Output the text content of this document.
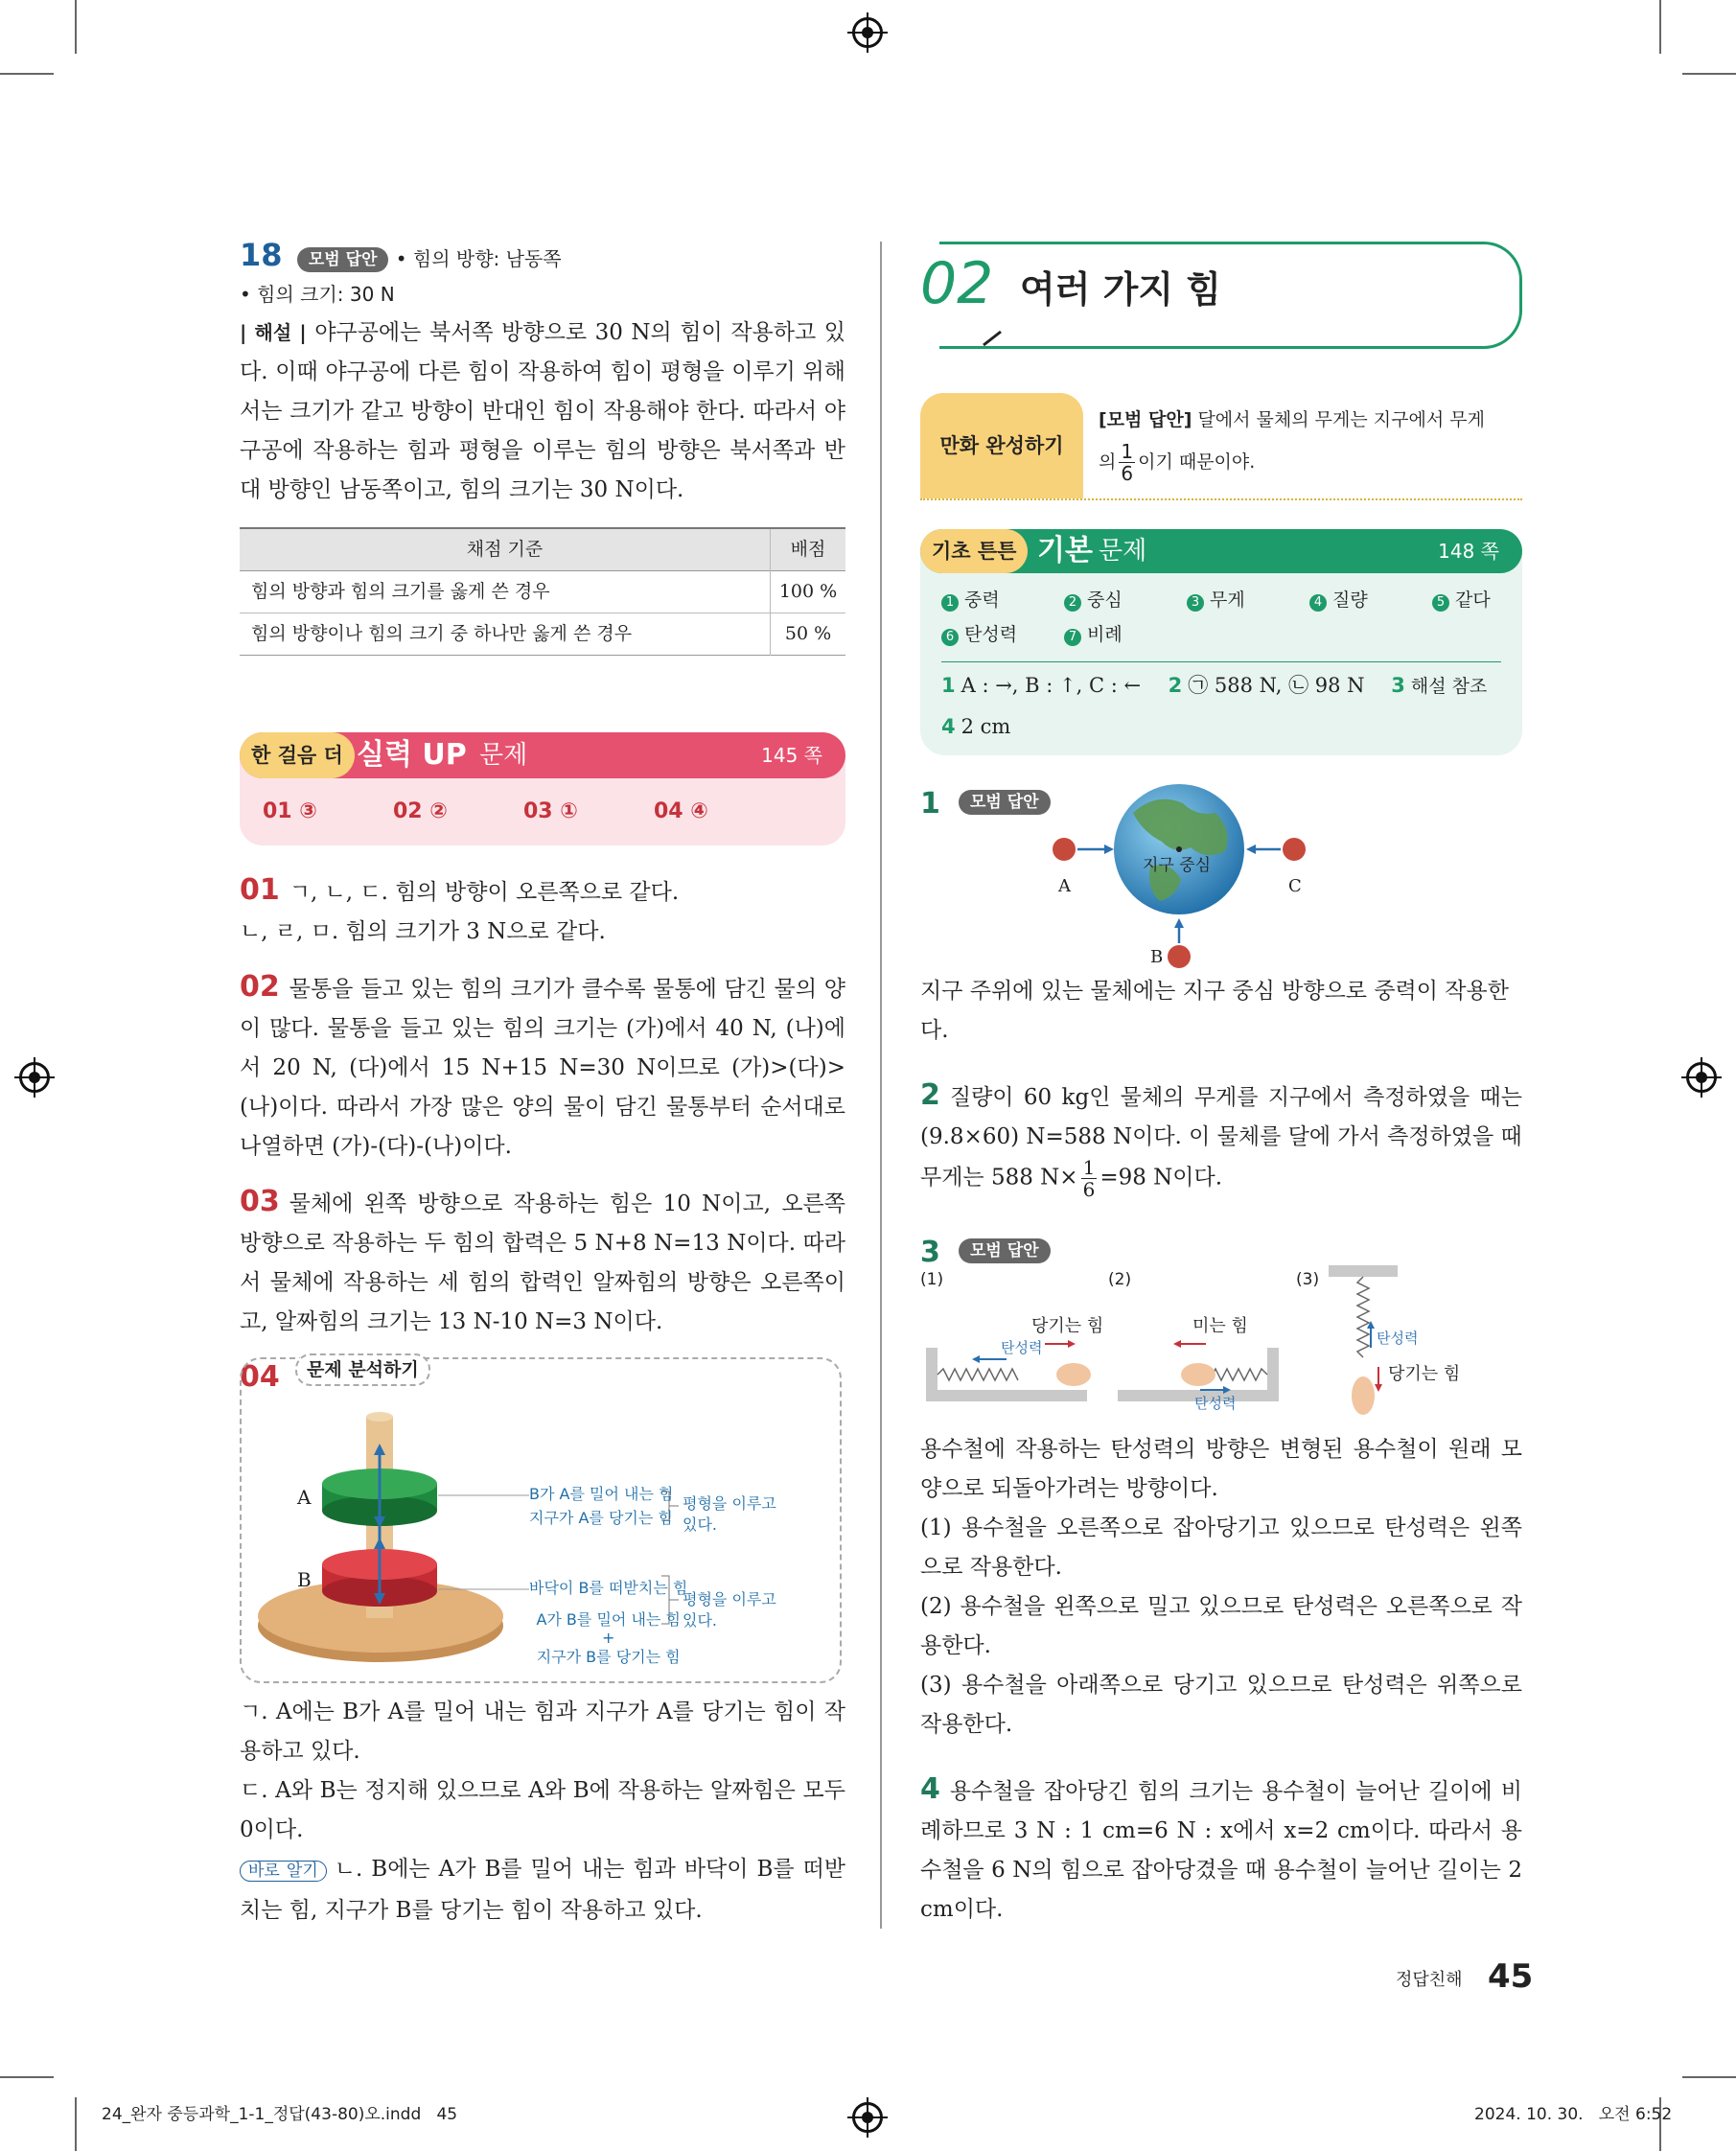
18 모범 답안 • 힘의 방향: 남동쪽
• 힘의 크기: 30 N

| 해설 | 야구공에는 북서쪽 방향으로 30 N의 힘이 작용하고 있다. 이때 야구공에 다른 힘이 작용하여 힘이 평형을 이루기 위해서는 크기가 같고 방향이 반대인 힘이 작용해야 한다. 따라서 야구공에 작용하는 힘과 평형을 이루는 힘의 방향은 북서쪽과 반대 방향인 남동쪽이고, 힘의 크기는 30 N이다.

채점 기준	배점
힘의 방향과 힘의 크기를 옳게 쓴 경우	100 %
힘의 방향이나 힘의 크기 중 하나만 옳게 쓴 경우	50 %
한 걸음 더 실력 UP 문제	145 쪽
01 ③	02 ②	03 ①	04 ④

01 ㄱ, ㄴ, ㄷ. 힘의 방향이 오른쪽으로 같다.

ㄴ, ㄹ, ㅁ. 힘의 크기가 3 N으로 같다.

02 물통을 들고 있는 힘의 크기가 클수록 물통에 담긴 물의 양이 많다. 물통을 들고 있는 힘의 크기는 (가)에서 40 N, (나)에서 20 N, (다)에서 15 N+15 N=30 N이므로 (가)>(다)>(나)이다. 따라서 가장 많은 양의 물이 담긴 물통부터 순서대로 나열하면 (가)-(다)-(나)이다.

03 물체에 왼쪽 방향으로 작용하는 힘은 10 N이고, 오른쪽 방향으로 작용하는 두 힘의 합력은 5 N+8 N=13 N이다. 따라서 물체에 작용하는 세 힘의 합력인 알짜힘의 방향은 오른쪽이고, 알짜힘의 크기는 13 N-10 N=3 N이다.

04	문제 분석하기
A
B
B가 A를 밀어 내는 힘
지구가 A를 당기는 힘
평형을 이루고 있다.
바닥이 B를 떠받치는 힘
A가 B를 밀어 내는 힘
+
지구가 B를 당기는 힘
평형을 이루고 있다.

ㄱ. A에는 B가 A를 밀어 내는 힘과 지구가 A를 당기는 힘이 작용하고 있다.

ㄷ. A와 B는 정지해 있으므로 A와 B에 작용하는 알짜힘은 모두 0이다.

바로 알기 ㄴ. B에는 A가 B를 밀어 내는 힘과 바닥이 B를 떠받치는 힘, 지구가 B를 당기는 힘이 작용하고 있다.

02 여러 가지 힘
만화 완성하기
[모범 답안] 달에서 물체의 무게는 지구에서 무게
의 $\frac{1}{6}$ 이기 때문이야.
기초 튼튼 기본 문제	148 쪽
1 중력	2 중심	3 무게	4 질량	5 같다
6 탄성력	7 비례
1 A : →, B : ↑, C : ← 2 ㉠ 588 N, ㉡ 98 N 3 해설 참조
4 2 cm
1	모범 답안
지구 중심
A	C
B

지구 주위에 있는 물체에는 지구 중심 방향으로 중력이 작용한다.

2 질량이 60 kg인 물체의 무게를 지구에서 측정하였을 때는 (9.8×60) N=588 N이다. 이 물체를 달에 가서 측정하였을 때

무게는 588 $N\times \frac{1}{6} =98$ N이다.

3	모범 답안
(1)	(2)	(3)
당기는 힘
탄성력
미는 힘
탄성력
탄성력
당기는 힘

용수철에 작용하는 탄성력의 방향은 변형된 용수철이 원래 모양으로 되돌아가려는 방향이다.

(1) 용수철을 오른쪽으로 잡아당기고 있으므로 탄성력은 왼쪽으로 작용한다.

(2) 용수철을 왼쪽으로 밀고 있으므로 탄성력은 오른쪽으로 작용한다.

(3) 용수철을 아래쪽으로 당기고 있으므로 탄성력은 위쪽으로 작용한다.

4 용수철을 잡아당긴 힘의 크기는 용수철이 늘어난 길이에 비례하므로 3 N : 1 cm=6 N : x에서 x=2 cm이다. 따라서 용수철을 6 N의 힘으로 잡아당겼을 때 용수철이 늘어난 길이는 2 cm이다.

정답친해 45
24_완자 중등과학_1-1_정답(43-80)오.indd   45	2024. 10. 30.   오전 6:52
